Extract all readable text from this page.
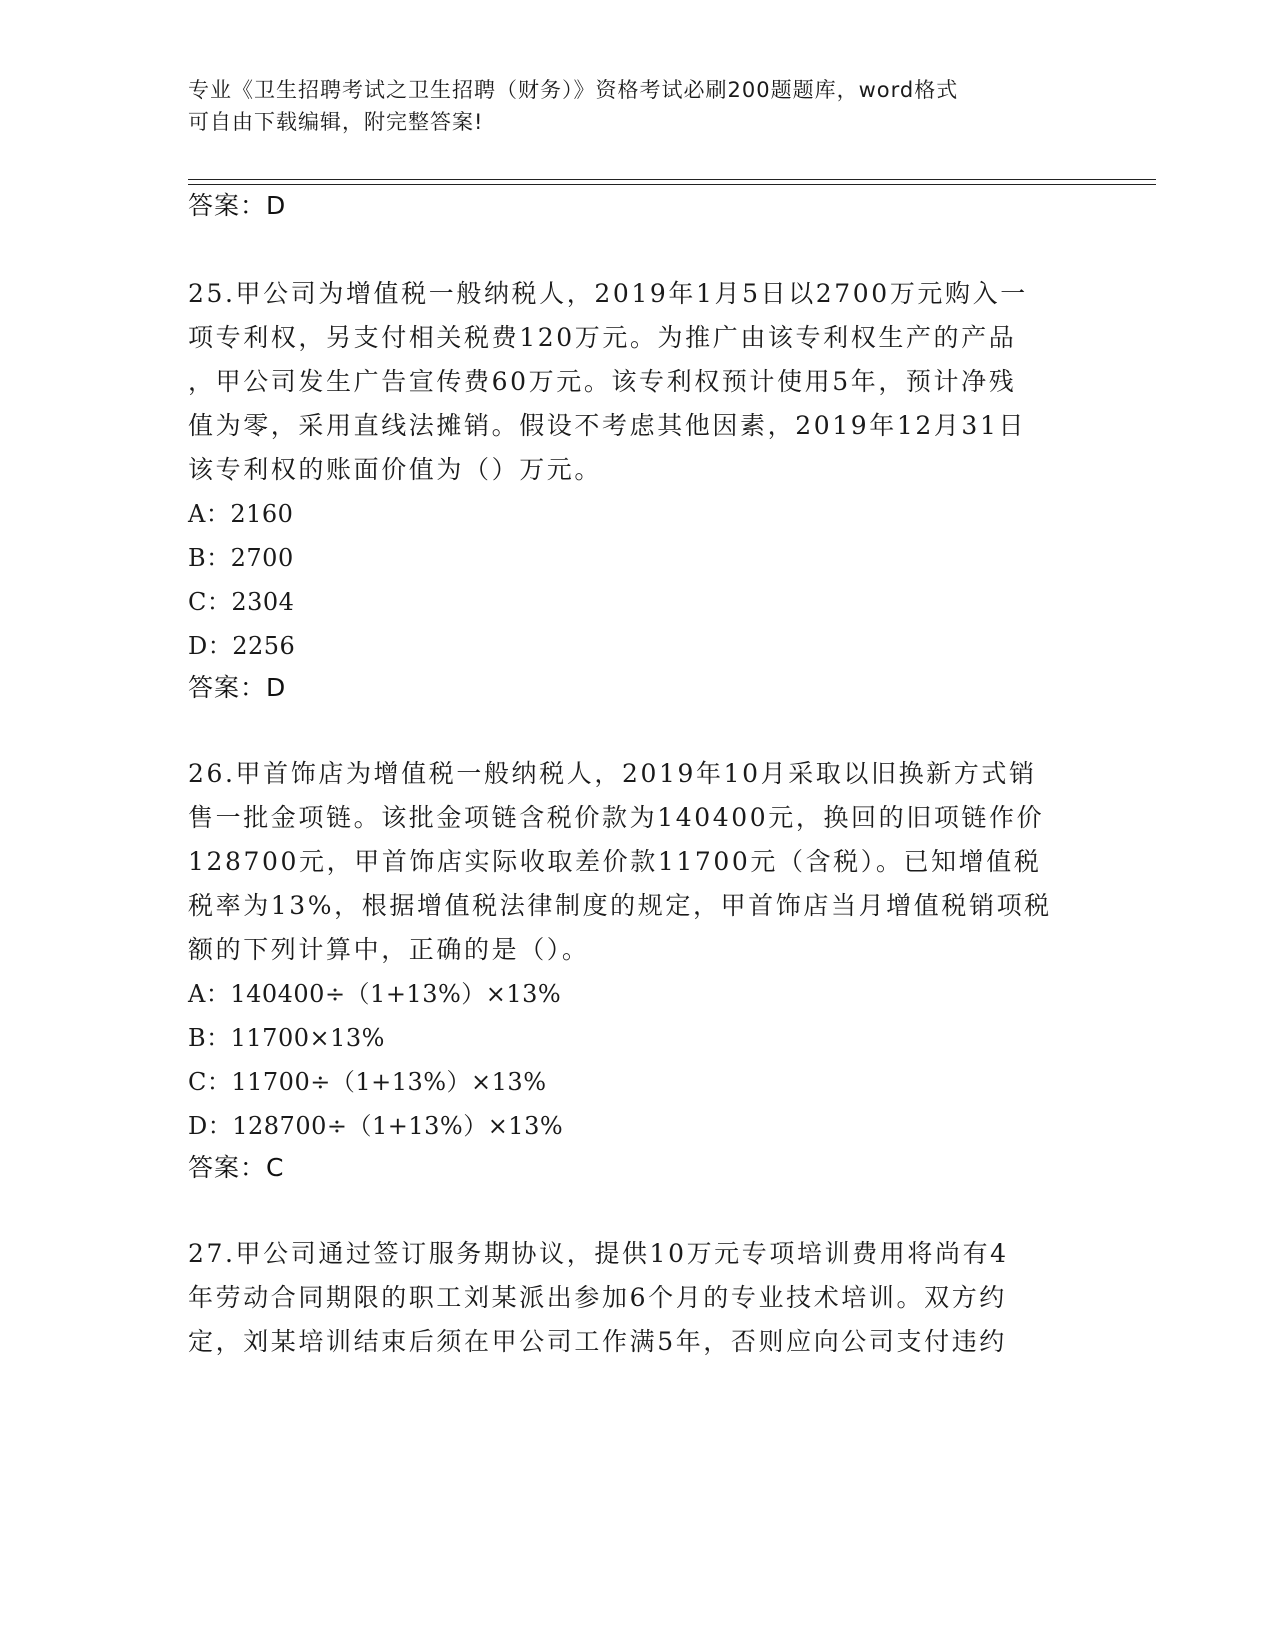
专业《卫生招聘考试之卫生招聘（财务）》资格考试必刷200题题库，word格式
可自由下载编辑，附完整答案!
答案：D
25.甲公司为增值税一般纳税人，2019年1月5日以2700万元购入一
项专利权，另支付相关税费120万元。为推广由该专利权生产的产品
，甲公司发生广告宣传费60万元。该专利权预计使用5年，预计净残
值为零，采用直线法摊销。假设不考虑其他因素，2019年12月31日
该专利权的账面价值为（）万元。
A：2160
B：2700
C：2304
D：2256
答案：D
26.甲首饰店为增值税一般纳税人，2019年10月采取以旧换新方式销
售一批金项链。该批金项链含税价款为140400元，换回的旧项链作价
128700元，甲首饰店实际收取差价款11700元（含税）。已知增值税
税率为13%，根据增值税法律制度的规定，甲首饰店当月增值税销项税
额的下列计算中，正确的是（）。
A：140400÷（1+13%）×13%
B：11700×13%
C：11700÷（1+13%）×13%
D：128700÷（1+13%）×13%
答案：C
27.甲公司通过签订服务期协议，提供10万元专项培训费用将尚有4
年劳动合同期限的职工刘某派出参加6个月的专业技术培训。双方约
定，刘某培训结束后须在甲公司工作满5年，否则应向公司支付违约
